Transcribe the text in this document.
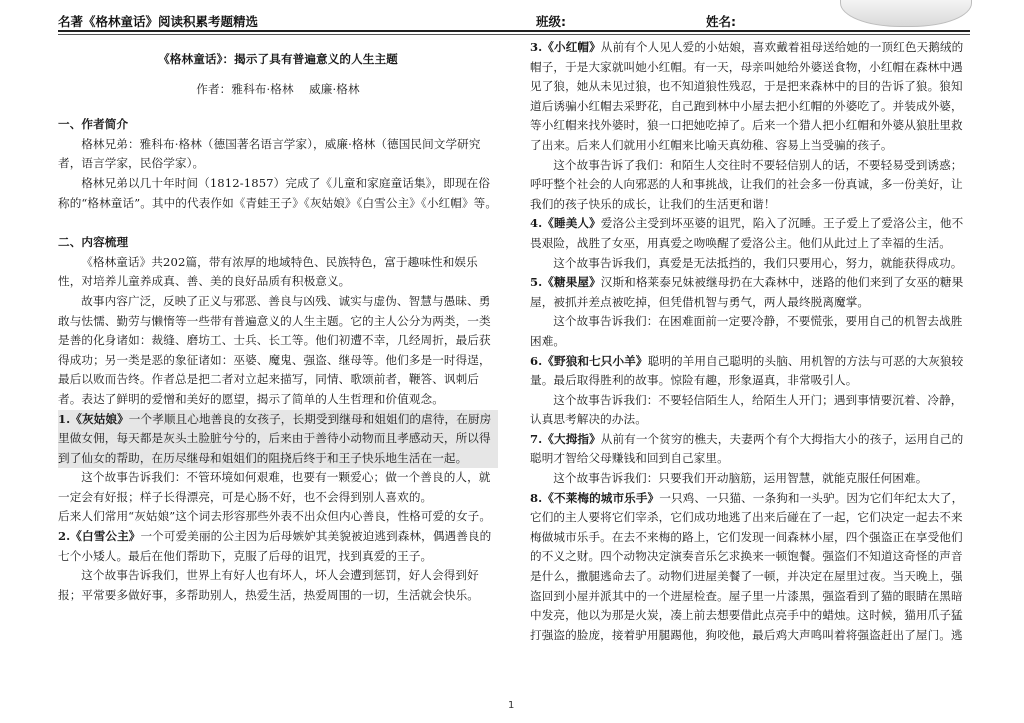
名著《格林童话》阅读积累考题精选	班级:	姓名:

《格林童话》：揭示了具有普遍意义的人生主题

作者：雅科布·格林　 威廉·格林

一、作者简介

格林兄弟：雅科布·格林（德国著名语言学家），威廉·格林（德国民间文学研究者，语言学家，民俗学家）。

格林兄弟以几十年时间（1812-1857）完成了《儿童和家庭童话集》，即现在俗称的“格林童话”。其中的代表作如《青蛙王子》《灰姑娘》《白雪公主》《小红帽》等。

二、内容梳理

《格林童话》共202篇，带有浓厚的地域特色、民族特色，富于趣味性和娱乐性，对培养儿童养成真、善、美的良好品质有积极意义。

故事内容广泛，反映了正义与邪恶、善良与凶残、诚实与虚伪、智慧与愚昧、勇敢与怯懦、勤劳与懒惰等一些带有普遍意义的人生主题。它的主人公分为两类，一类是善的化身诸如：裁缝、磨坊工、士兵、长工等。他们初遭不幸，几经周折，最后获得成功；另一类是恶的象征诸如：巫婆、魔鬼、强盗、继母等。他们多是一时得逞，最后以败而告终。作者总是把二者对立起来描写，同情、歌颂前者，鞭答、讽刺后者。表达了鲜明的爱憎和美好的愿望，揭示了简单的人生哲理和价值观念。

1.《灰姑娘》一个孝顺且心地善良的女孩子，长期受到继母和姐姐们的虐待，在厨房里做女佣，每天都是灰头土脸脏兮兮的，后来由于善待小动物而且孝感动天，所以得到了仙女的帮助，在历尽继母和姐姐们的阻挠后终于和王子快乐地生活在一起。

这个故事告诉我们：不管环境如何艰难，也要有一颗爱心；做一个善良的人，就一定会有好报；样子长得漂亮，可是心肠不好，也不会得到别人喜欢的。

后来人们常用“灰姑娘”这个词去形容那些外表不出众但内心善良，性格可爱的女子。

2.《白雪公主》一个可爱美丽的公主因为后母嫉妒其美貌被迫逃到森林，偶遇善良的七个小矮人。最后在他们帮助下，克服了后母的诅咒，找到真爱的王子。

这个故事告诉我们，世界上有好人也有坏人，坏人会遭到惩罚，好人会得到好报；平常要多做好事，多帮助别人，热爱生活，热爱周围的一切，生活就会快乐。

3.《小红帽》从前有个人见人爱的小姑娘，喜欢戴着祖母送给她的一顶红色天鹅绒的帽子，于是大家就叫她小红帽。有一天，母亲叫她给外婆送食物，小红帽在森林中遇见了狼，她从未见过狼，也不知道狼性残忍，于是把来森林中的目的告诉了狼。狼知道后诱骗小红帽去采野花，自己跑到林中小屋去把小红帽的外婆吃了。并装成外婆，等小红帽来找外婆时，狼一口把她吃掉了。后来一个猎人把小红帽和外婆从狼肚里救了出来。后来人们就用小红帽来比喻天真幼稚、容易上当受骗的孩子。

这个故事告诉了我们：和陌生人交往时不要轻信别人的话，不要轻易受到诱惑；呼吁整个社会的人向邪恶的人和事挑战，让我们的社会多一份真诚，多一份美好，让我们的孩子快乐的成长，让我们的生活更和谐！

4.《睡美人》爱洛公主受到坏巫婆的诅咒，陷入了沉睡。王子爱上了爱洛公主，他不畏艰险，战胜了女巫，用真爱之吻唤醒了爱洛公主。他们从此过上了幸福的生活。

这个故事告诉我们，真爱是无法抵挡的，我们只要用心，努力，就能获得成功。

5.《糖果屋》汉斯和格莱泰兄妹被继母扔在大森林中，迷路的他们来到了女巫的糖果屋，被抓并差点被吃掉，但凭借机智与勇气，两人最终脱离魔掌。

这个故事告诉我们：在困难面前一定要冷静，不要慌张，要用自己的机智去战胜困难。

6.《野狼和七只小羊》聪明的羊用自己聪明的头脑、用机智的方法与可恶的大灰狼较量。最后取得胜利的故事。惊险有趣，形象逼真，非常吸引人。

这个故事告诉我们：不要轻信陌生人，给陌生人开门；遇到事情要沉着、冷静，认真思考解决的办法。

7.《大拇指》从前有一个贫穷的樵夫，夫妻两个有个大拇指大小的孩子，运用自己的聪明才智给父母赚钱和回到自己家里。

这个故事告诉我们：只要我们开动脑筋，运用智慧，就能克服任何困难。

8.《不莱梅的城市乐手》一只鸡、一只猫、一条狗和一头驴。因为它们年纪太大了，它们的主人要将它们宰杀，它们成功地逃了出来后碰在了一起，它们决定一起去不来梅做城市乐手。在去不来梅的路上，它们发现一间森林小屋，四个强盗正在享受他们的不义之财。四个动物决定演奏音乐乞求换来一顿饱餐。强盗们不知道这奇怪的声音是什么，撒腿逃命去了。动物们进屋美餐了一顿，并决定在屋里过夜。当天晚上，强盗回到小屋并派其中的一个进屋检查。屋子里一片漆黑，强盗看到了猫的眼睛在黑暗中发亮，他以为那是火炭，凑上前去想要借此点亮手中的蜡烛。这时候，猫用爪子猛打强盗的脸庞，接着驴用腿踢他，狗咬他，最后鸡大声鸣叫着将强盗赶出了屋门。逃

1
